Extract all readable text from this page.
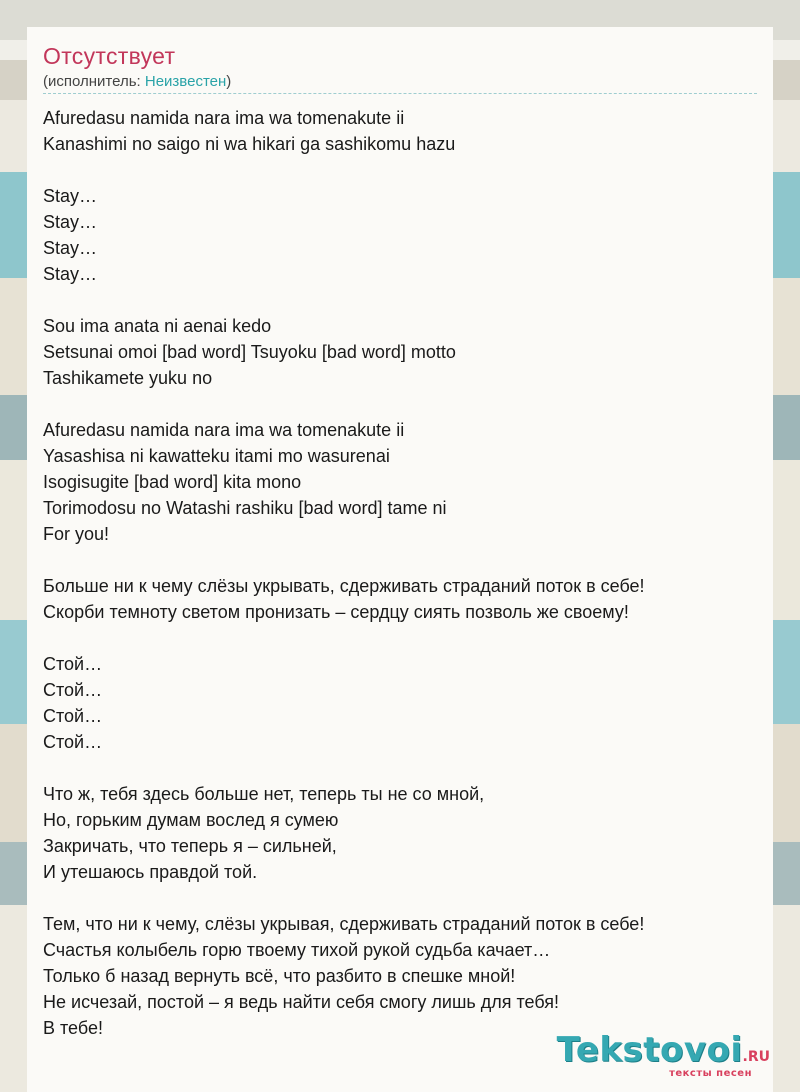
Отсутствует
(исполнитель: Неизвестен)
Afuredasu namida nara ima wa tomenakute ii
Kanashimi no saigo ni wa hikari ga sashikomu hazu
Stay…
Stay…
Stay…
Stay…
Sou ima anata ni aenai kedo
Setsunai omoi [bad word] Tsuyoku [bad word] motto
Tashikamete yuku no
Afuredasu namida nara ima wa tomenakute ii
Yasashisa ni kawatteku itami mo wasurenai
Isogisugite [bad word] kita mono
Torimodosu no Watashi rashiku [bad word] tame ni
For you!
Больше ни к чему слёзы укрывать, сдерживать страданий поток в себе!
Скорби темноту светом пронизать – сердцу сиять позволь же своему!
Стой…
Стой…
Стой…
Стой…
Что ж, тебя здесь больше нет, теперь ты не со мной,
Но, горьким думам вослед я сумею
Закричать, что теперь я – сильней,
И утешаюсь правдой той.
Тем, что ни к чему, слёзы укрывая, сдерживать страданий поток в себе!
Счастья колыбель горю твоему тихой рукой судьба качает…
Только б назад вернуть всё, что разбито в спешке мной!
Не исчезай, постой – я ведь найти себя смогу лишь для тебя!
В тебе!
Tekstovoi.RU
тексты песен
